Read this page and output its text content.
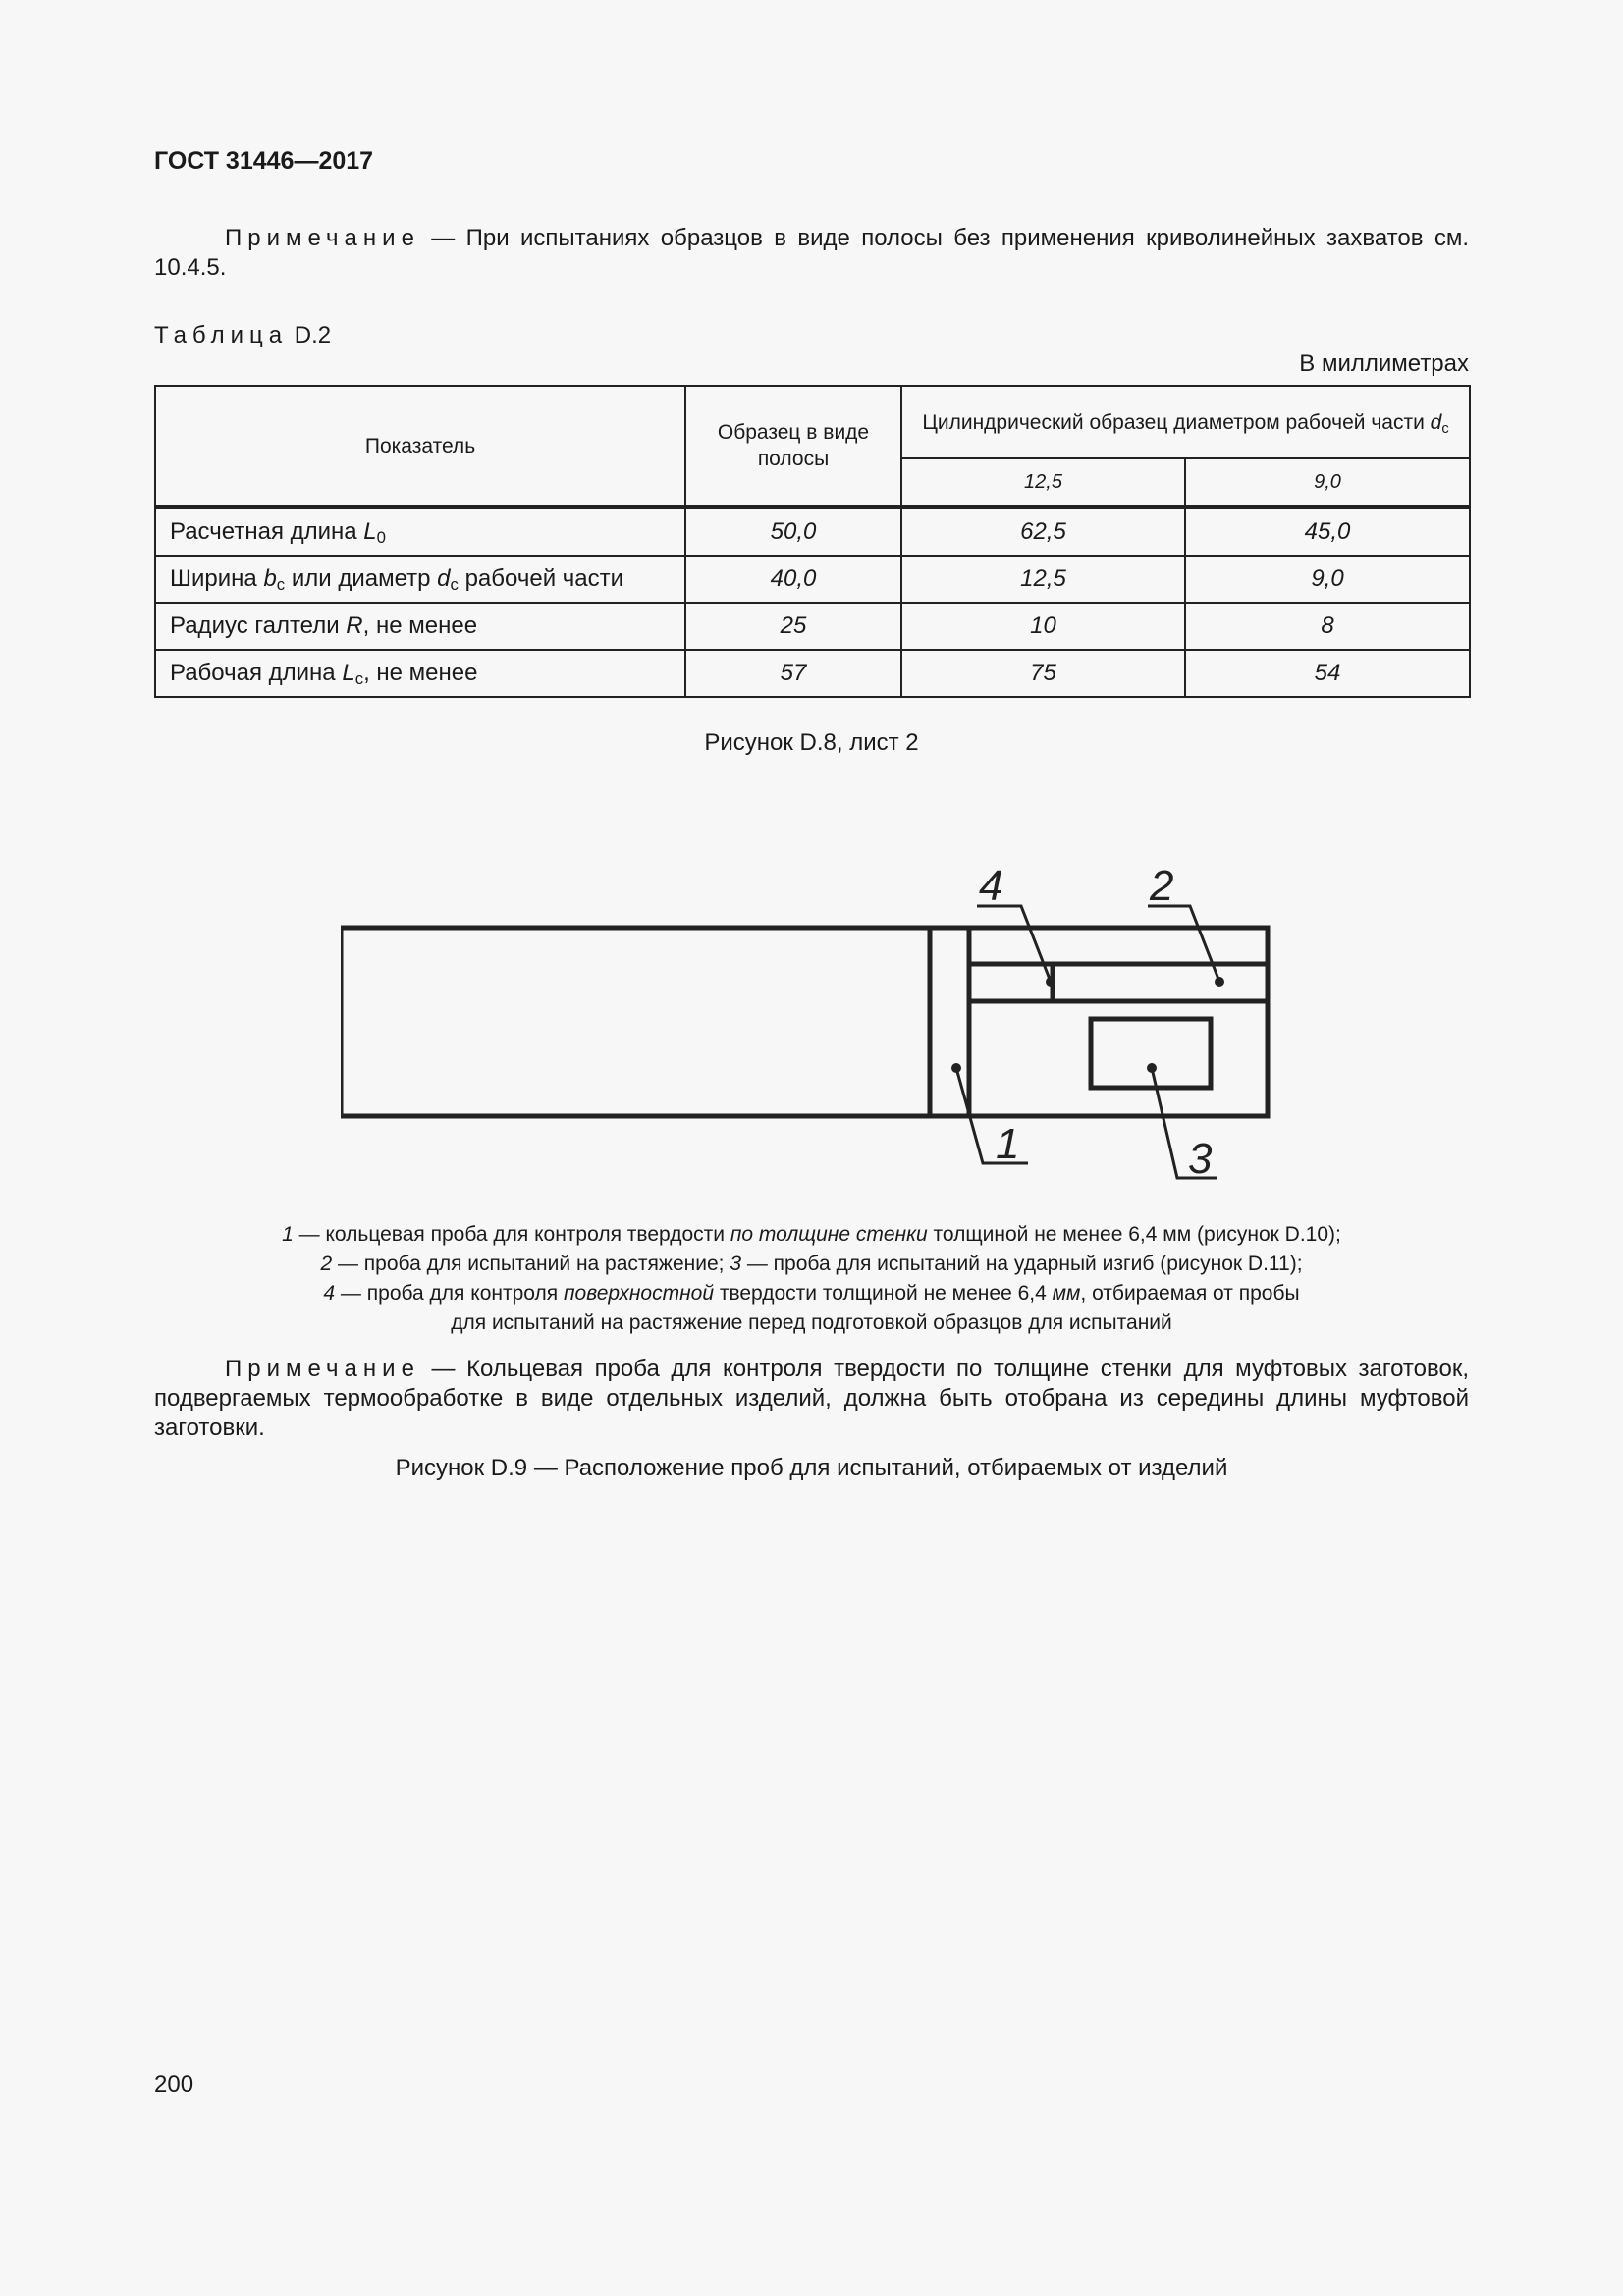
ГОСТ 31446—2017
Примечание — При испытаниях образцов в виде полосы без применения криволинейных захватов см. 10.4.5.
Таблица D.2
В миллиметрах
Показатель	Образец в виде полосы	Цилиндрический образец диаметром рабочей части $d_c$
		12,5	9,0
Расчетная длина $L_0$	50,0	62,5	45,0
Ширина $b_c$ или диаметр $d_c$ рабочей части	40,0	12,5	9,0
Радиус галтели R, не менее	25	10	8
Рабочая длина $L_c$, не менее	57	75	54
Рисунок D.8, лист 2
4	2
1	3
1 — кольцевая проба для контроля твердости по толщине стенки толщиной не менее 6,4 мм (рисунок D.10);
2 — проба для испытаний на растяжение; 3 — проба для испытаний на ударный изгиб (рисунок D.11);
4 — проба для контроля поверхностной твердости толщиной не менее 6,4 мм, отбираемая от пробы
для испытаний на растяжение перед подготовкой образцов для испытаний
Примечание — Кольцевая проба для контроля твердости по толщине стенки для муфтовых заготовок, подвергаемых термообработке в виде отдельных изделий, должна быть отобрана из середины длины муфтовой заготовки.
Рисунок D.9 — Расположение проб для испытаний, отбираемых от изделий
200
